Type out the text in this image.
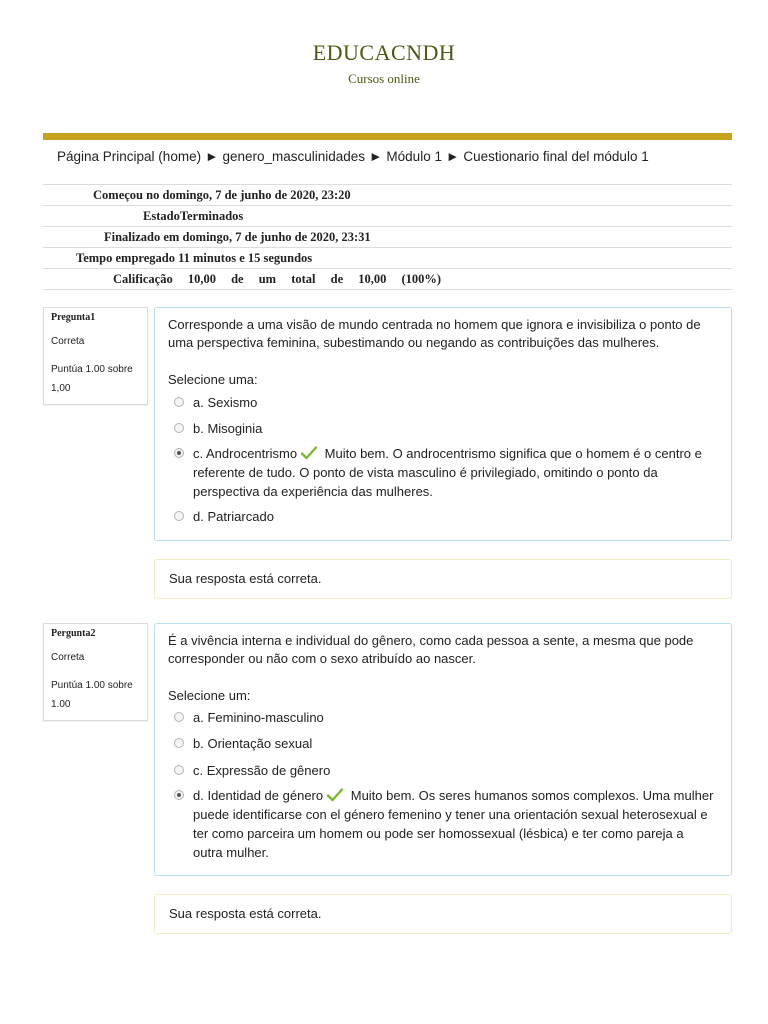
EDUCACNDH
Cursos online
Página Principal (home) ► genero_masculinidades ► Módulo 1 ► Cuestionario final del módulo 1
Começou no domingo, 7 de junho de 2020, 23:20
EstadoTerminados
Finalizado em domingo, 7 de junho de 2020, 23:31
Tempo empregado 11 minutos e 15 segundos
Calificação 10,00 de um total de 10,00 (100%)
Pregunta1
Correta
Puntúa 1.00 sobre 1,00
Corresponde a uma visão de mundo centrada no homem que ignora e invisibiliza o ponto de uma perspectiva feminina, subestimando ou negando as contribuições das mulheres.
Selecione uma:
a. Sexismo
b. Misoginia
c. Androcentrismo Muito bem. O androcentrismo significa que o homem é o centro e referente de tudo. O ponto de vista masculino é privilegiado, omitindo o ponto da perspectiva da experiência das mulheres.
d. Patriarcado
Sua resposta está correta.
Pergunta2
Correta
Puntúa 1.00 sobre 1.00
É a vivência interna e individual do gênero, como cada pessoa a sente, a mesma que pode corresponder ou não com o sexo atribuído ao nascer.
Selecione um:
a. Feminino-masculino
b. Orientação sexual
c. Expressão de gênero
d. Identidad de género Muito bem. Os seres humanos somos complexos. Uma mulher puede identificarse con el género femenino y tener una orientación sexual heterosexual e ter como parceira um homem ou pode ser homossexual (lésbica) e ter como pareja a outra mulher.
Sua resposta está correta.
